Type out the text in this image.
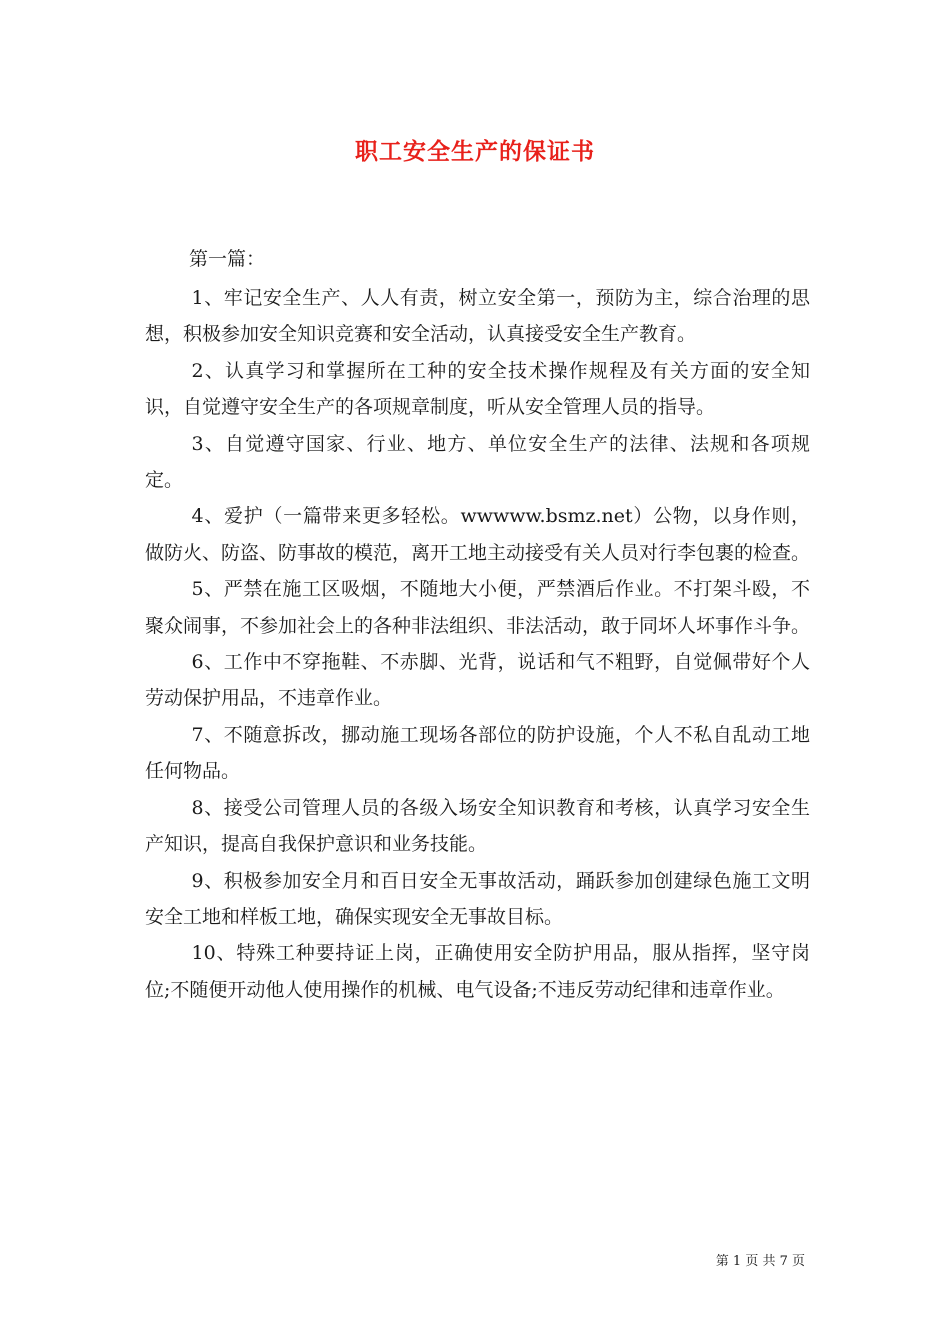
职工安全生产的保证书
第一篇：

1、牢记安全生产、人人有责，树立安全第一，预防为主，综合治理的思想，积极参加安全知识竞赛和安全活动，认真接受安全生产教育。

2、认真学习和掌握所在工种的安全技术操作规程及有关方面的安全知识，自觉遵守安全生产的各项规章制度，听从安全管理人员的指导。

3、自觉遵守国家、行业、地方、单位安全生产的法律、法规和各项规定。

4、爱护（一篇带来更多轻松。wwwww.bsmz.net）公物，以身作则，做防火、防盗、防事故的模范，离开工地主动接受有关人员对行李包裹的检查。

5、严禁在施工区吸烟，不随地大小便，严禁酒后作业。不打架斗殴，不聚众闹事，不参加社会上的各种非法组织、非法活动，敢于同坏人坏事作斗争。

6、工作中不穿拖鞋、不赤脚、光背，说话和气不粗野，自觉佩带好个人劳动保护用品，不违章作业。

7、不随意拆改，挪动施工现场各部位的防护设施，个人不私自乱动工地任何物品。

8、接受公司管理人员的各级入场安全知识教育和考核，认真学习安全生产知识，提高自我保护意识和业务技能。

9、积极参加安全月和百日安全无事故活动，踊跃参加创建绿色施工文明安全工地和样板工地，确保实现安全无事故目标。

10、特殊工种要持证上岗，正确使用安全防护用品，服从指挥，坚守岗位;不随便开动他人使用操作的机械、电气设备;不违反劳动纪律和违章作业。

第 1 页 共 7 页
